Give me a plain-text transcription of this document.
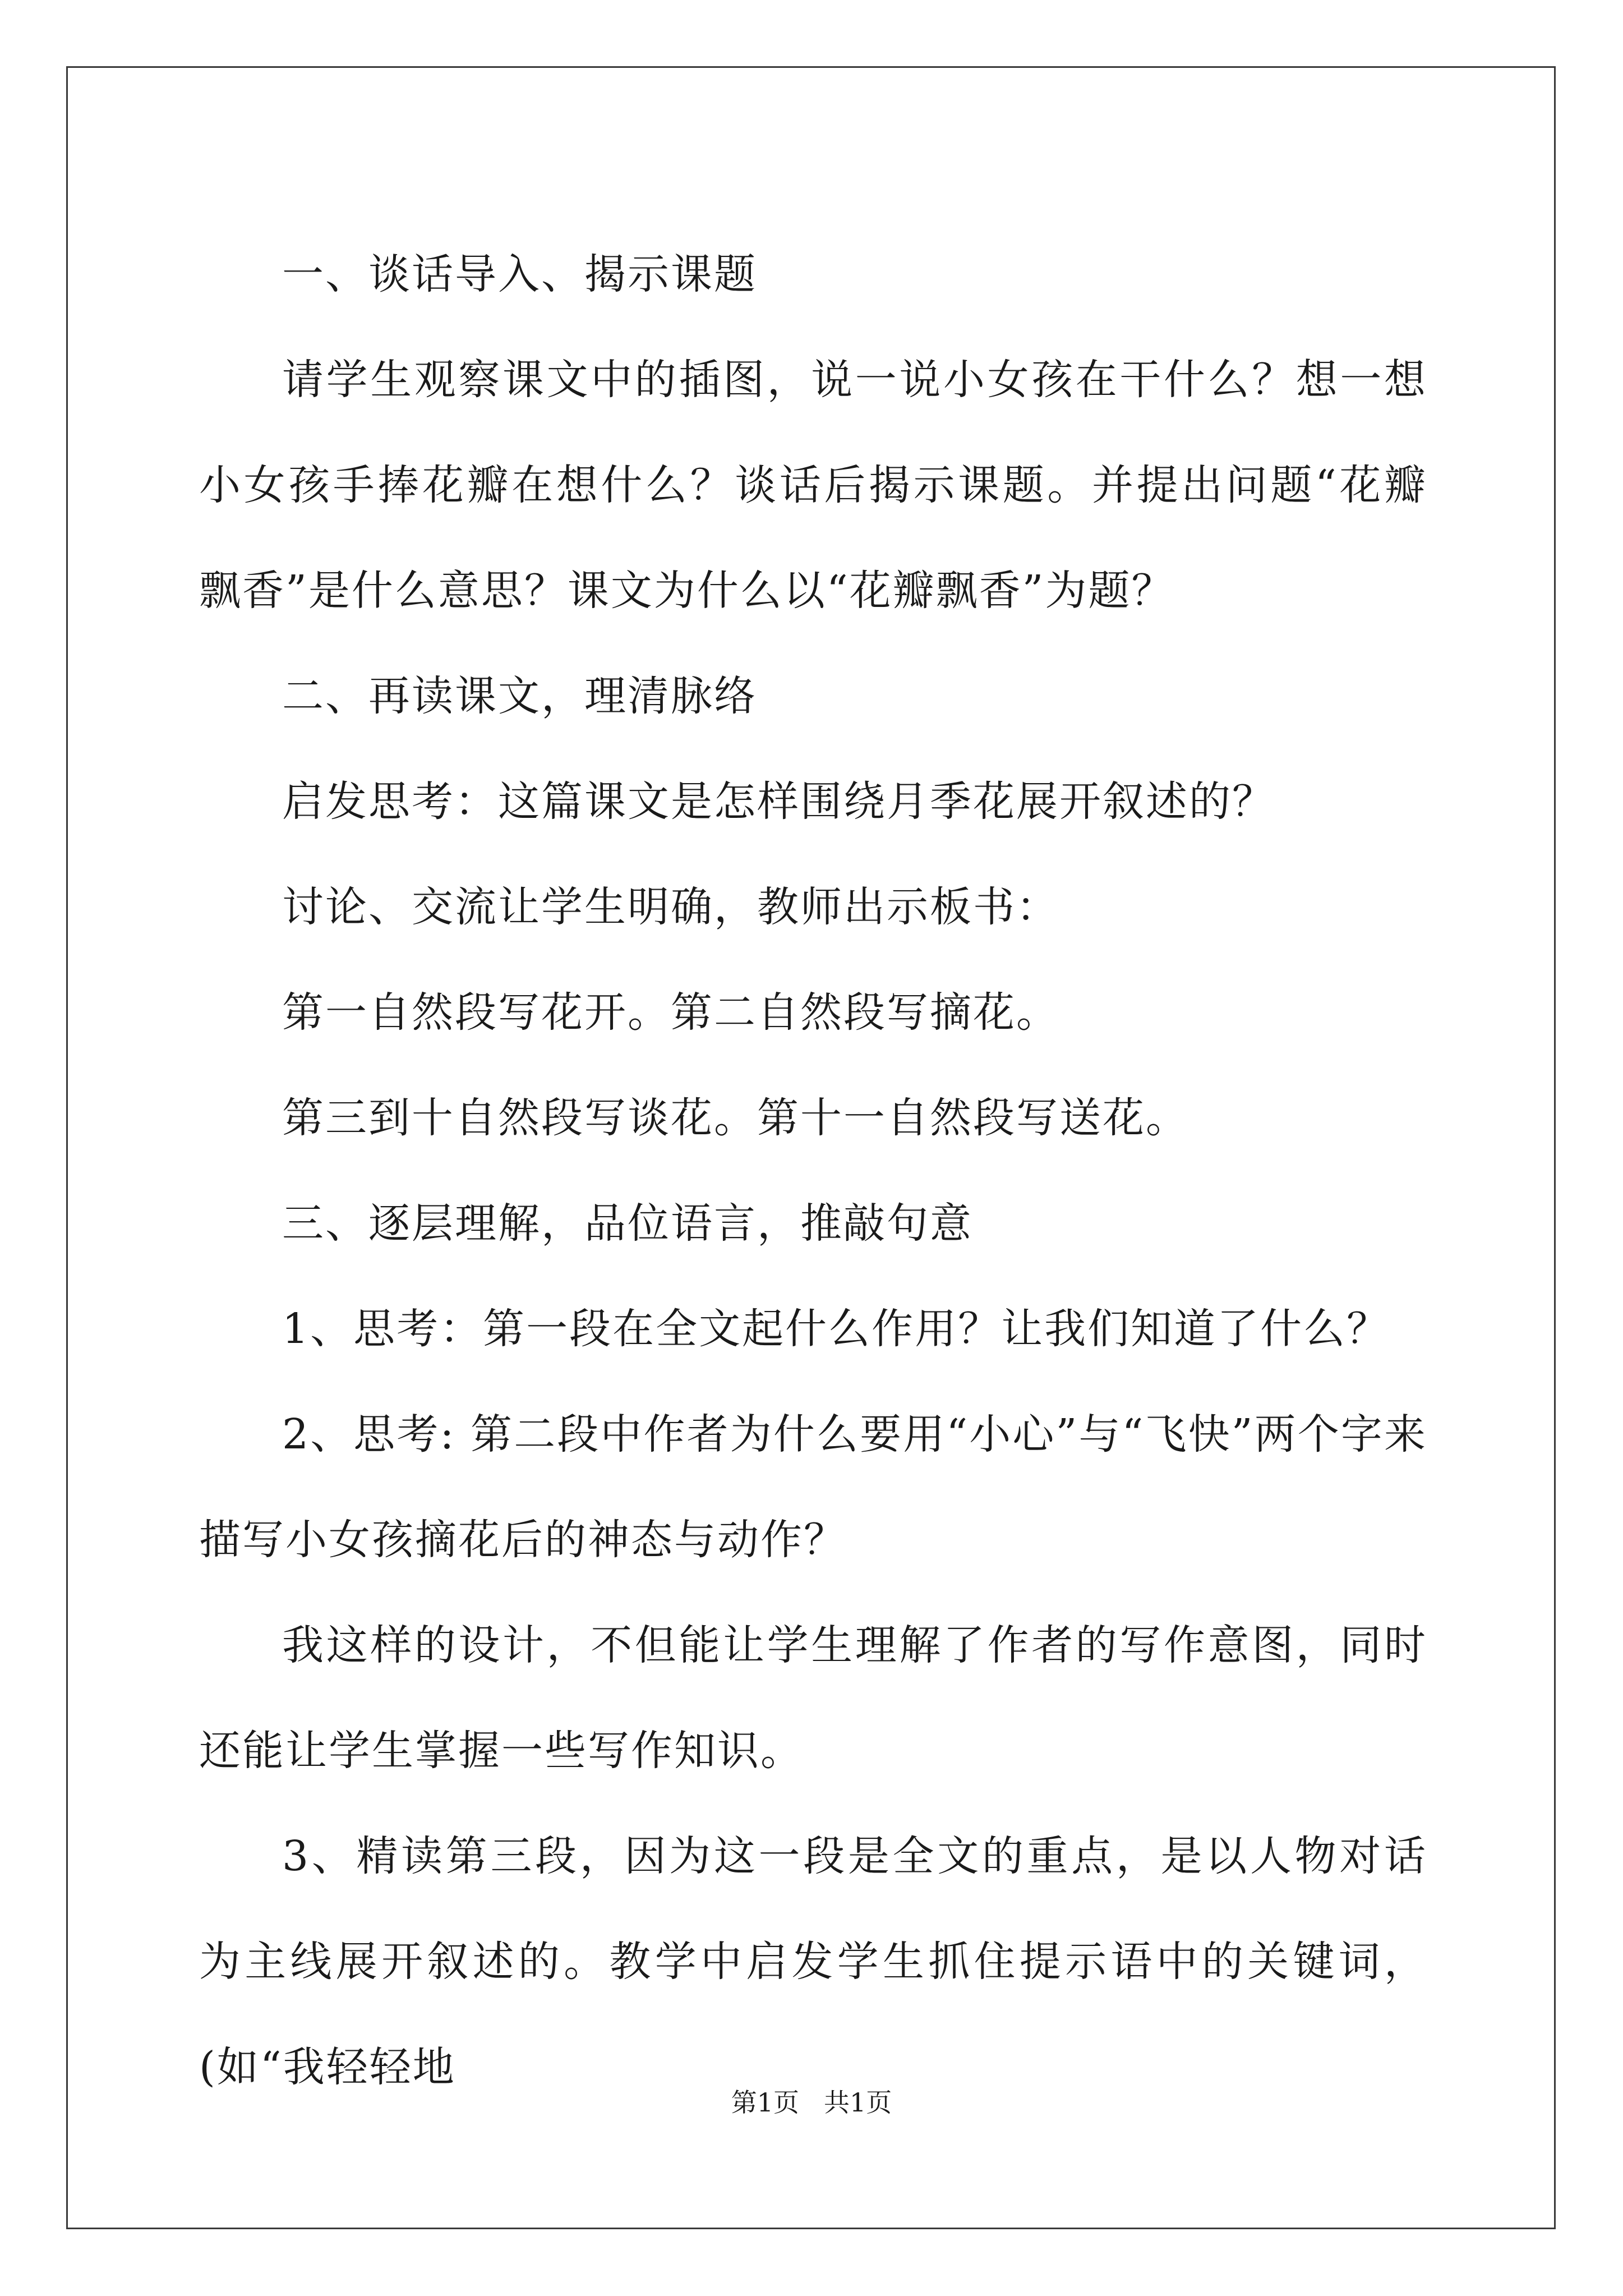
一、谈话导入、揭示课题

请学生观察课文中的插图，说一说小女孩在干什么？想一想小女孩手捧花瓣在想什么？谈话后揭示课题。并提出问题“花瓣飘香”是什么意思？课文为什么以“花瓣飘香”为题？

二、再读课文，理清脉络

启发思考：这篇课文是怎样围绕月季花展开叙述的？

讨论、交流让学生明确，教师出示板书：

第一自然段写花开。第二自然段写摘花。

第三到十自然段写谈花。第十一自然段写送花。

三、逐层理解，品位语言，推敲句意

1、思考：第一段在全文起什么作用？让我们知道了什么？

2、思考: 第二段中作者为什么要用“小心”与“飞快”两个字来描写小女孩摘花后的神态与动作？

我这样的设计，不但能让学生理解了作者的写作意图，同时还能让学生掌握一些写作知识。

3、精读第三段，因为这一段是全文的重点，是以人物对话为主线展开叙述的。教学中启发学生抓住提示语中的关键词，(如“我轻轻地

第1页 共1页
